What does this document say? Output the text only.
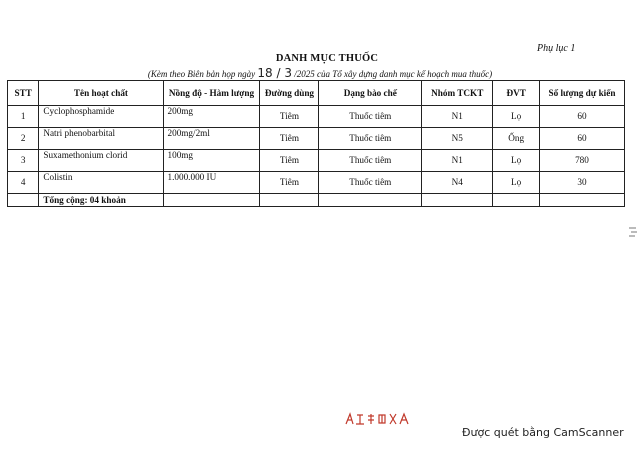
Phụ lục 1
DANH MỤC THUỐC
(Kèm theo Biên bản họp ngày 18 / 3 /2025 của Tổ xây dựng danh mục kế hoạch mua thuốc)
STT	Tên hoạt chất	Nồng độ - Hàm lượng	Đường dùng	Dạng bào chế	Nhóm TCKT	ĐVT	Số lượng dự kiến
1	Cyclophosphamide	200mg	Tiêm	Thuốc tiêm	N1	Lọ	60
2	Natri phenobarbital	200mg/2ml	Tiêm	Thuốc tiêm	N5	Ống	60
3	Suxamethonium clorid	100mg	Tiêm	Thuốc tiêm	N1	Lọ	780
4	Colistin	1.000.000 IU	Tiêm	Thuốc tiêm	N4	Lọ	30
	Tổng cộng: 04 khoản						
Được quét bằng CamScanner
